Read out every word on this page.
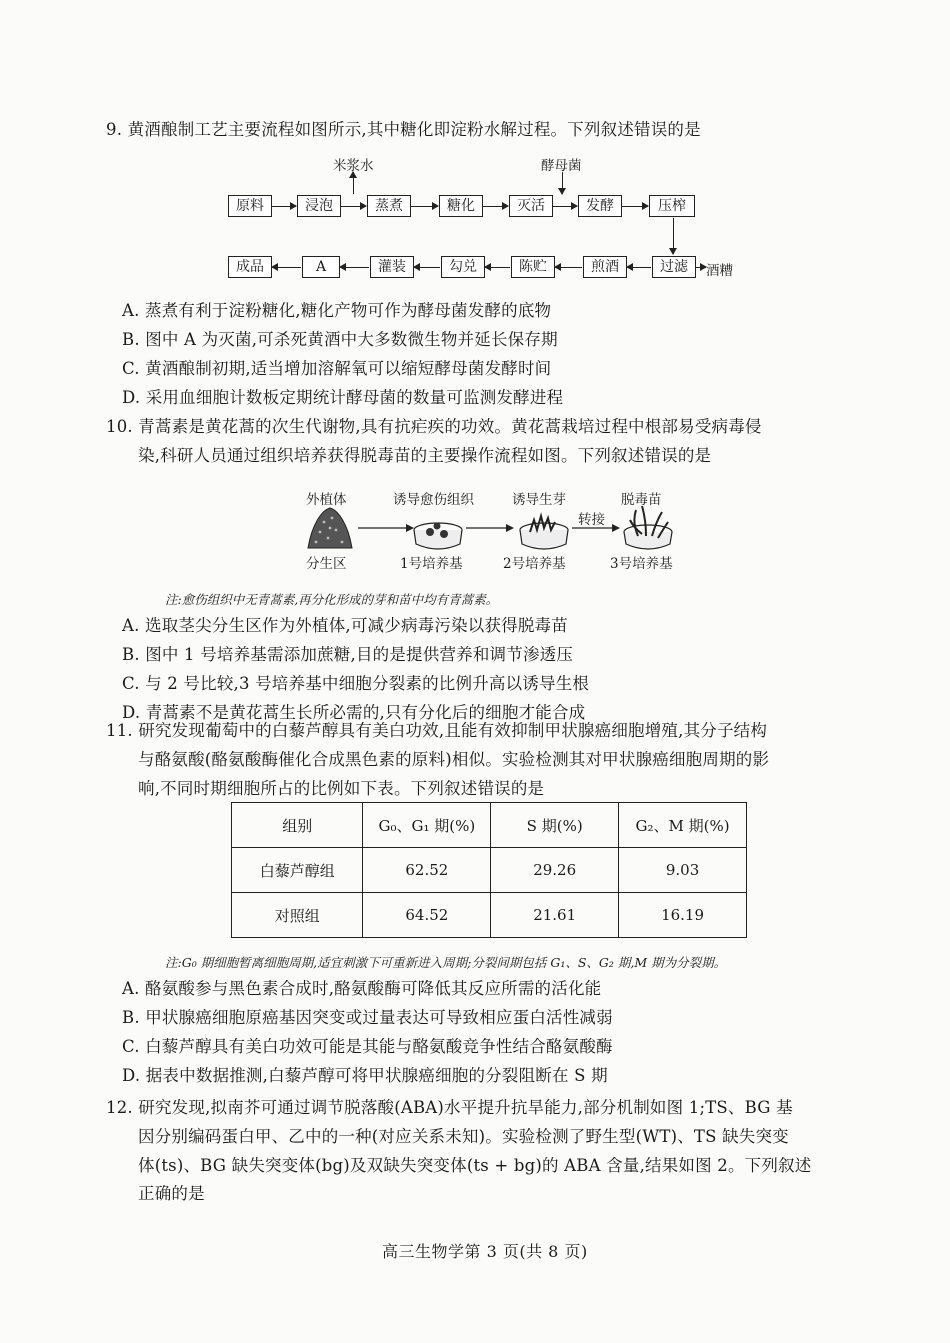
9. 黄酒酿制工艺主要流程如图所示,其中糖化即淀粉水解过程。下列叙述错误的是
米浆水	酵母菌
酒糟
原料	浸泡	蒸煮	糖化	灭活	发酵	压榨
成品	A	灌装	勾兑	陈贮	煎酒	过滤
A. 蒸煮有利于淀粉糖化,糖化产物可作为酵母菌发酵的底物
B. 图中 A 为灭菌,可杀死黄酒中大多数微生物并延长保存期
C. 黄酒酿制初期,适当增加溶解氧可以缩短酵母菌发酵时间
D. 采用血细胞计数板定期统计酵母菌的数量可监测发酵进程
10. 青蒿素是黄花蒿的次生代谢物,具有抗疟疾的功效。黄花蒿栽培过程中根部易受病毒侵
染,科研人员通过组织培养获得脱毒苗的主要操作流程如图。下列叙述错误的是
外植体	诱导愈伤组织	诱导生芽	脱毒苗
转接
分生区	1号培养基	2号培养基	3号培养基
注:愈伤组织中无青蒿素,再分化形成的芽和苗中均有青蒿素。
A. 选取茎尖分生区作为外植体,可减少病毒污染以获得脱毒苗
B. 图中 1 号培养基需添加蔗糖,目的是提供营养和调节渗透压
C. 与 2 号比较,3 号培养基中细胞分裂素的比例升高以诱导生根
D. 青蒿素不是黄花蒿生长所必需的,只有分化后的细胞才能合成
11. 研究发现葡萄中的白藜芦醇具有美白功效,且能有效抑制甲状腺癌细胞增殖,其分子结构
与酪氨酸(酪氨酸酶催化合成黑色素的原料)相似。实验检测其对甲状腺癌细胞周期的影
响,不同时期细胞所占的比例如下表。下列叙述错误的是
组别	G₀、G₁ 期(%)	S 期(%)	G₂、M 期(%)
白藜芦醇组	62.52	29.26	9.03
对照组	64.52	21.61	16.19
注:G₀ 期细胞暂离细胞周期,适宜刺激下可重新进入周期;分裂间期包括 G₁、S、G₂ 期,M 期为分裂期。
A. 酪氨酸参与黑色素合成时,酪氨酸酶可降低其反应所需的活化能
B. 甲状腺癌细胞原癌基因突变或过量表达可导致相应蛋白活性减弱
C. 白藜芦醇具有美白功效可能是其能与酪氨酸竞争性结合酪氨酸酶
D. 据表中数据推测,白藜芦醇可将甲状腺癌细胞的分裂阻断在 S 期
12. 研究发现,拟南芥可通过调节脱落酸(ABA)水平提升抗旱能力,部分机制如图 1;TS、BG 基
因分别编码蛋白甲、乙中的一种(对应关系未知)。实验检测了野生型(WT)、TS 缺失突变
体(ts)、BG 缺失突变体(bg)及双缺失突变体(ts + bg)的 ABA 含量,结果如图 2。下列叙述
正确的是
高三生物学第 3 页(共 8 页)
